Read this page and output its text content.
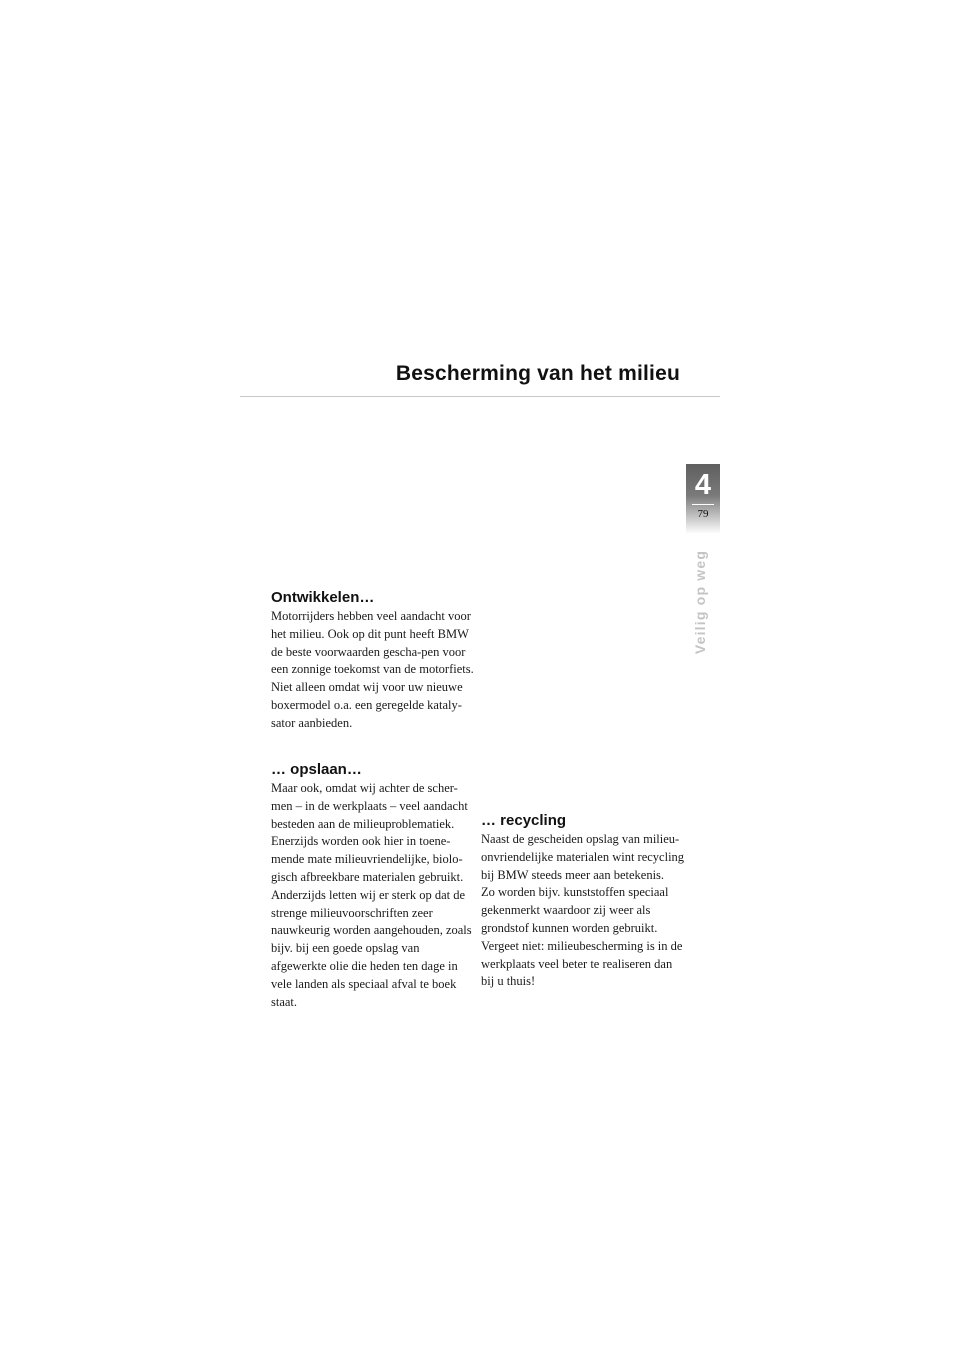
Bescherming van het milieu
4
79
Veilig op weg
Ontwikkelen…

Motorrijders hebben veel aandacht voor het milieu. Ook op dit punt heeft BMW de beste voorwaarden gescha-pen voor een zonnige toekomst van de motorfiets.

Niet alleen omdat wij voor uw nieuwe boxermodel o.a. een geregelde kataly-sator aanbieden.

… opslaan…

Maar ook, omdat wij achter de scher-men – in de werkplaats – veel aandacht besteden aan de milieuproblematiek. Enerzijds worden ook hier in toene-mende mate milieuvriendelijke, biolo-gisch afbreekbare materialen gebruikt. Anderzijds letten wij er sterk op dat de strenge milieuvoorschriften zeer nauwkeurig worden aangehouden, zoals bijv. bij een goede opslag van afgewerkte olie die heden ten dage in vele landen als speciaal afval te boek staat.

… recycling

Naast de gescheiden opslag van milieu-onvriendelijke materialen wint recycling bij BMW steeds meer aan betekenis.

Zo worden bijv. kunststoffen speciaal gekenmerkt waardoor zij weer als grondstof kunnen worden gebruikt. Vergeet niet: milieubescherming is in de werkplaats veel beter te realiseren dan bij u thuis!
